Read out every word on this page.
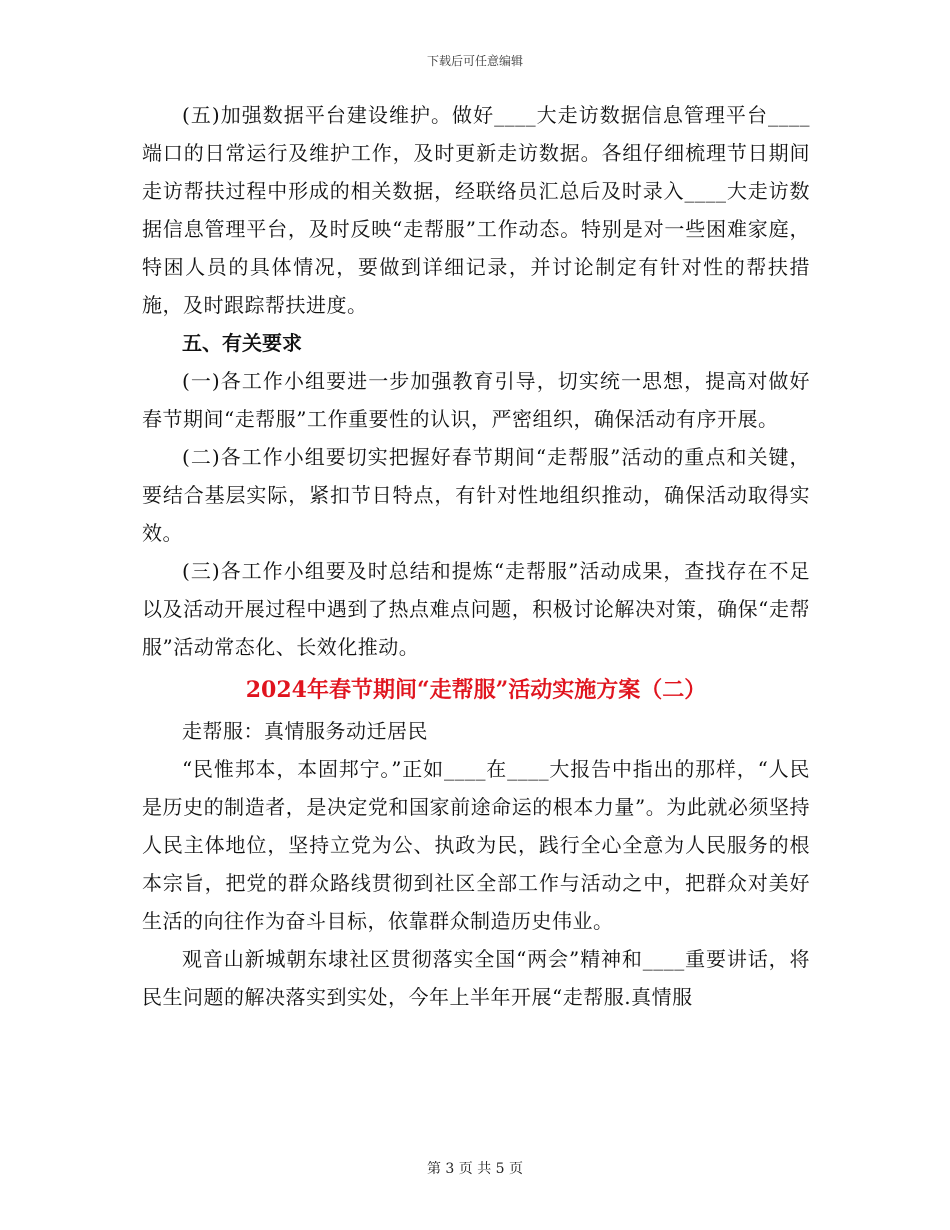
下载后可任意编辑

(五)加强数据平台建设维护。做好____大走访数据信息管理平台____端口的日常运行及维护工作，及时更新走访数据。各组仔细梳理节日期间走访帮扶过程中形成的相关数据，经联络员汇总后及时录入____大走访数据信息管理平台，及时反映“走帮服”工作动态。特别是对一些困难家庭，特困人员的具体情况，要做到详细记录，并讨论制定有针对性的帮扶措施，及时跟踪帮扶进度。

五、有关要求

(一)各工作小组要进一步加强教育引导，切实统一思想，提高对做好春节期间“走帮服”工作重要性的认识，严密组织，确保活动有序开展。

(二)各工作小组要切实把握好春节期间“走帮服”活动的重点和关键，要结合基层实际，紧扣节日特点，有针对性地组织推动，确保活动取得实效。

(三)各工作小组要及时总结和提炼“走帮服”活动成果，查找存在不足以及活动开展过程中遇到了热点难点问题，积极讨论解决对策，确保“走帮服”活动常态化、长效化推动。

2024年春节期间“走帮服”活动实施方案（二）

走帮服：真情服务动迁居民

“民惟邦本，本固邦宁。”正如____在____大报告中指出的那样，“人民是历史的制造者，是决定党和国家前途命运的根本力量”。为此就必须坚持人民主体地位，坚持立党为公、执政为民，践行全心全意为人民服务的根本宗旨，把党的群众路线贯彻到社区全部工作与活动之中，把群众对美好生活的向往作为奋斗目标，依靠群众制造历史伟业。

观音山新城朝东埭社区贯彻落实全国“两会”精神和____重要讲话，将民生问题的解决落实到实处，今年上半年开展“走帮服.真情服

第 3 页 共 5 页
